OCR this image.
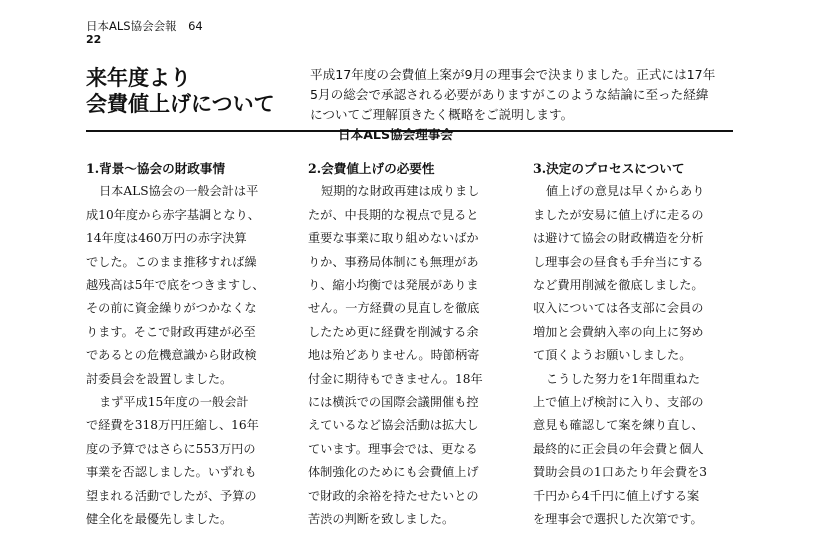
日本ALS協会会報　64
22
来年度より
会費値上げについて
平成17年度の会費値上案が9月の理事会で決まりました。正式には17年
5月の総会で承認される必要がありますがこのような結論に至った経緯
についてご理解頂きたく概略をご説明します。
日本ALS協会理事会
1.背景〜協会の財政事情
日本ALS協会の一般会計は平
成10年度から赤字基調となり、
14年度は460万円の赤字決算
でした。このまま推移すれば繰
越残高は5年で底をつきますし、
その前に資金繰りがつかなくな
ります。そこで財政再建が必至
であるとの危機意識から財政検
討委員会を設置しました。
まず平成15年度の一般会計
で経費を318万円圧縮し、16年
度の予算ではさらに553万円の
事業を否認しました。いずれも
望まれる活動でしたが、予算の
健全化を最優先しました。
2.会費値上げの必要性
短期的な財政再建は成りまし
たが、中長期的な視点で見ると
重要な事業に取り組めないばか
りか、事務局体制にも無理があ
り、縮小均衡では発展がありま
せん。一方経費の見直しを徹底
したため更に経費を削減する余
地は殆どありません。時節柄寄
付金に期待もできません。18年
には横浜での国際会議開催も控
えているなど協会活動は拡大し
ています。理事会では、更なる
体制強化のためにも会費値上げ
で財政的余裕を持たせたいとの
苦渋の判断を致しました。
3.決定のプロセスについて
値上げの意見は早くからあり
ましたが安易に値上げに走るの
は避けて協会の財政構造を分析
し理事会の昼食も手弁当にする
など費用削減を徹底しました。
収入については各支部に会員の
増加と会費納入率の向上に努め
て頂くようお願いしました。
こうした努力を1年間重ねた
上で値上げ検討に入り、支部の
意見も確認して案を練り直し、
最終的に正会員の年会費と個人
賛助会員の1口あたり年会費を3
千円から4千円に値上げする案
を理事会で選択した次第です。
